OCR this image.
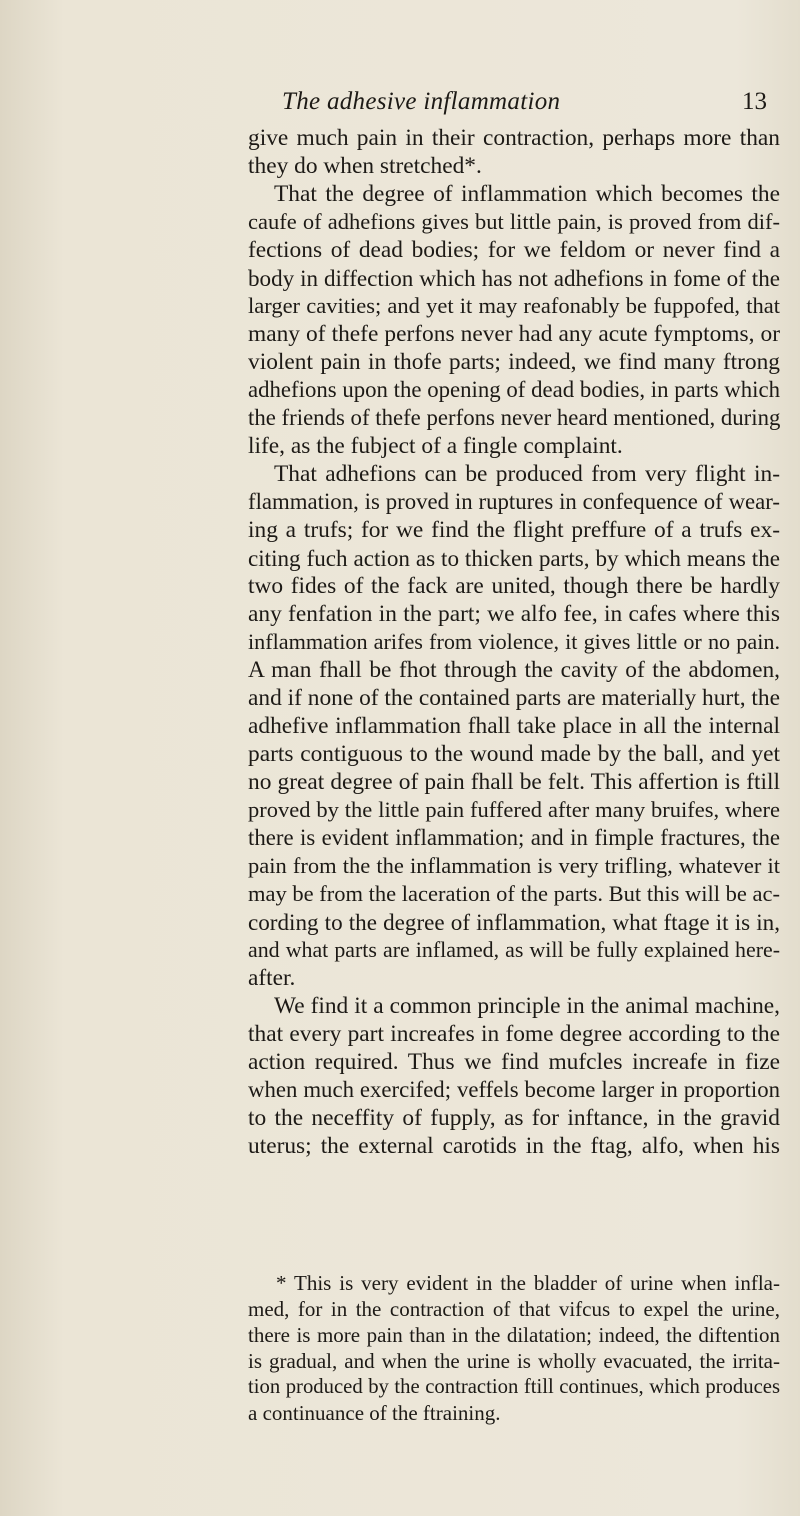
The adhesive inflammation	13
give much pain in their contraction, perhaps more than
they do when stretched*.
That the degree of inflammation which becomes the
caufe of adhefions gives but little pain, is proved from dif-
fections of dead bodies; for we feldom or never find a
body in diffection which has not adhefions in fome of the
larger cavities; and yet it may reafonably be fuppofed, that
many of thefe perfons never had any acute fymptoms, or
violent pain in thofe parts; indeed, we find many ftrong
adhefions upon the opening of dead bodies, in parts which
the friends of thefe perfons never heard mentioned, during
life, as the fubject of a fingle complaint.
That adhefions can be produced from very flight in-
flammation, is proved in ruptures in confequence of wear-
ing a trufs; for we find the flight preffure of a trufs ex-
citing fuch action as to thicken parts, by which means the
two fides of the fack are united, though there be hardly
any fenfation in the part; we alfo fee, in cafes where this
inflammation arifes from violence, it gives little or no pain.
A man fhall be fhot through the cavity of the abdomen,
and if none of the contained parts are materially hurt, the
adhefive inflammation fhall take place in all the internal
parts contiguous to the wound made by the ball, and yet
no great degree of pain fhall be felt. This affertion is ftill
proved by the little pain fuffered after many bruifes, where
there is evident inflammation; and in fimple fractures, the
pain from the the inflammation is very trifling, whatever it
may be from the laceration of the parts. But this will be ac-
cording to the degree of inflammation, what ftage it is in,
and what parts are inflamed, as will be fully explained here-
after.
We find it a common principle in the animal machine,
that every part increafes in fome degree according to the
action required. Thus we find mufcles increafe in fize
when much exercifed; veffels become larger in proportion
to the neceffity of fupply, as for inftance, in the gravid
uterus; the external carotids in the ftag, alfo, when his
* This is very evident in the bladder of urine when infla-
med, for in the contraction of that vifcus to expel the urine,
there is more pain than in the dilatation; indeed, the diftention
is gradual, and when the urine is wholly evacuated, the irrita-
tion produced by the contraction ftill continues, which produces
a continuance of the ftraining.
